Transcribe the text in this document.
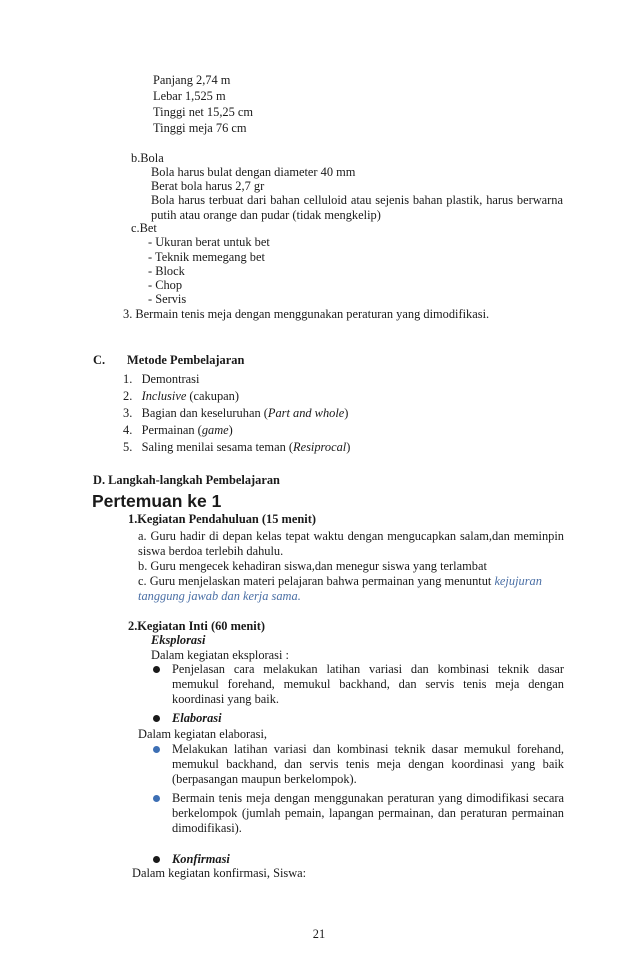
Panjang 2,74 m
Lebar 1,525 m
Tinggi net 15,25 cm
Tinggi meja 76 cm
b.Bola
Bola harus bulat dengan diameter 40 mm
Berat bola harus 2,7 gr
Bola harus terbuat dari bahan celluloid atau sejenis bahan plastik, harus berwarna putih atau orange dan pudar (tidak mengkelip)
c.Bet
- Ukuran berat untuk bet
- Teknik memegang bet
- Block
- Chop
- Servis
3. Bermain tenis meja dengan menggunakan peraturan yang dimodifikasi.
C. Metode Pembelajaran
1. Demontrasi
2. Inclusive (cakupan)
3. Bagian dan keseluruhan (Part and whole)
4. Permainan (game)
5. Saling menilai sesama teman (Resiprocal)
D. Langkah-langkah Pembelajaran
Pertemuan ke 1
1.Kegiatan Pendahuluan (15 menit)
a. Guru hadir di depan kelas tepat waktu dengan mengucapkan salam,dan meminpin siswa berdoa terlebih dahulu.
b. Guru mengecek kehadiran siswa,dan menegur siswa yang terlambat
c. Guru menjelaskan materi pelajaran bahwa permainan yang menuntut kejujuran
tanggung jawab dan kerja sama.
2.Kegiatan Inti (60 menit)
Eksplorasi
Dalam kegiatan eksplorasi :
Penjelasan cara melakukan latihan variasi dan kombinasi teknik dasar memukul forehand, memukul backhand, dan servis tenis meja dengan koordinasi yang baik.
Elaborasi
Dalam kegiatan elaborasi,
Melakukan latihan variasi dan kombinasi teknik dasar memukul forehand, memukul backhand, dan servis tenis meja dengan koordinasi yang baik (berpasangan maupun berkelompok).
Bermain tenis meja dengan menggunakan peraturan yang dimodifikasi secara berkelompok (jumlah pemain, lapangan permainan, dan peraturan permainan dimodifikasi).
Konfirmasi
Dalam kegiatan konfirmasi, Siswa:
21
